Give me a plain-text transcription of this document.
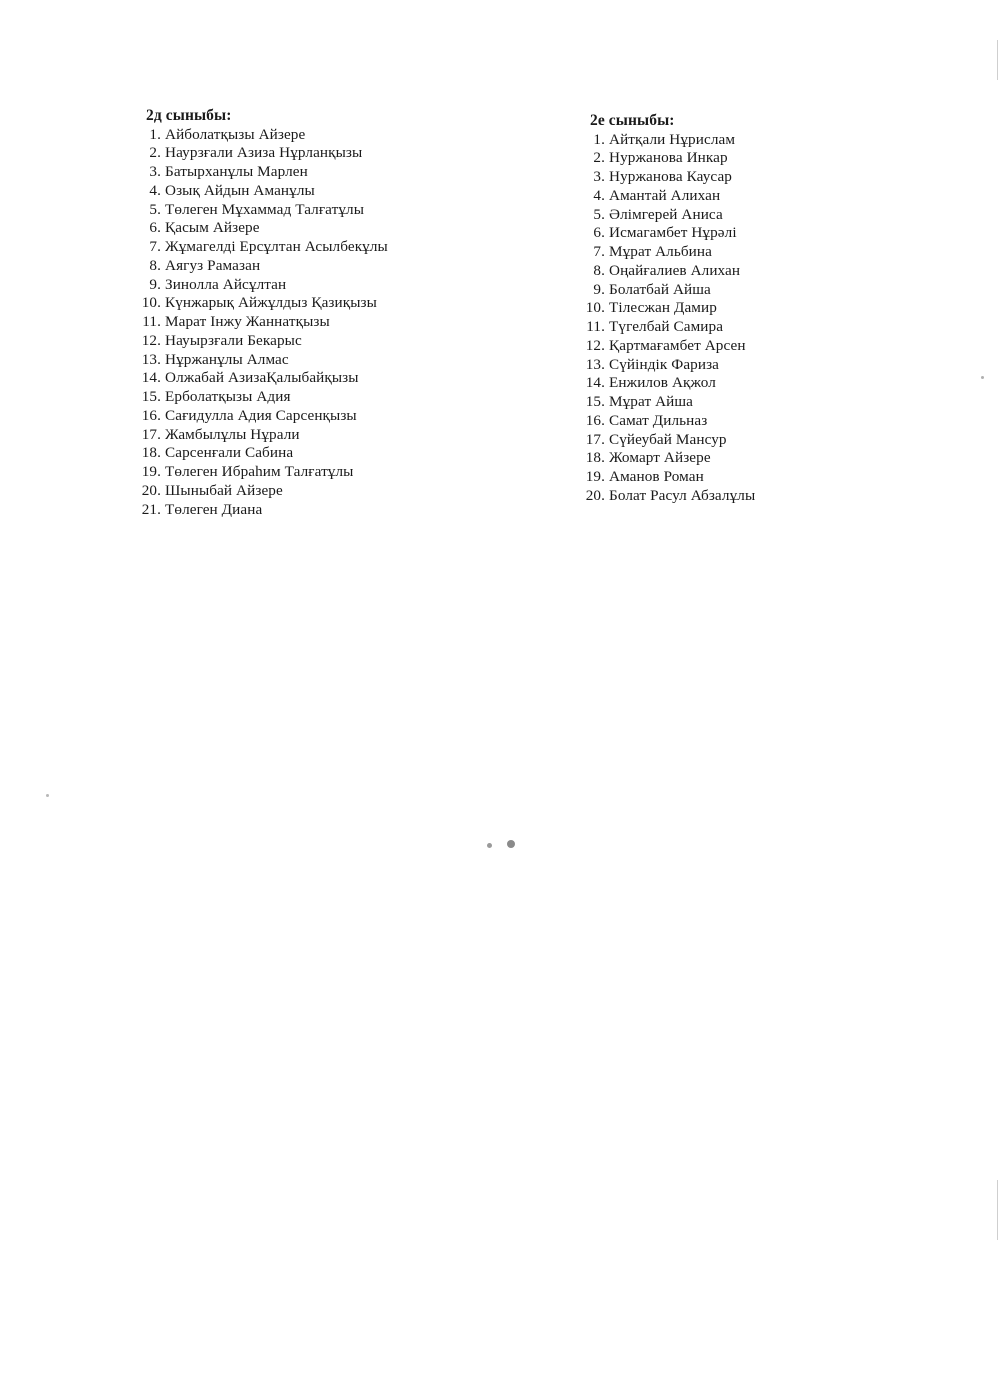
2д сыныбы:
1. Айболатқызы Айзере
2. Наурзғали Азиза Нұрланқызы
3. Батырханұлы Марлен
4. Озық Айдын Аманұлы
5. Төлеген Мұхаммад Талғатұлы
6. Қасым Айзере
7. Жұмагелді Ерсұлтан Асылбекұлы
8. Аягуз Рамазан
9. Зинолла Айсұлтан
10. Күнжарық Айжұлдыз Қазиқызы
11. Марат Інжу Жаннатқызы
12. Науырзғали Бекарыс
13. Нұржанұлы Алмас
14. Олжабай АзизаҚалыбайқызы
15. Ерболатқызы Адия
16. Сағидулла Адия Сарсенқызы
17. Жамбылұлы Нұрали
18. Сарсенғали Сабина
19. Төлеген Ибраһим Талғатұлы
20. Шыныбай Айзере
21. Төлеген Диана
2е сыныбы:
1. Айтқали Нұрислам
2. Нуржанова Инкар
3. Нуржанова Каусар
4. Амантай Алихан
5. Әлімгерей Аниса
6. Исмагамбет Нұрәлі
7. Мұрат Альбина
8. Оңайғалиев Алихан
9. Болатбай Айша
10. Тілесжан Дамир
11. Түгелбай Самира
12. Қартмағамбет Арсен
13. Сүйіндік Фариза
14. Енжилов Ақжол
15. Мұрат Айша
16. Самат Дильназ
17. Сүйеубай Мансур
18. Жомарт Айзере
19. Аманов Роман
20. Болат Расул Абзалұлы
